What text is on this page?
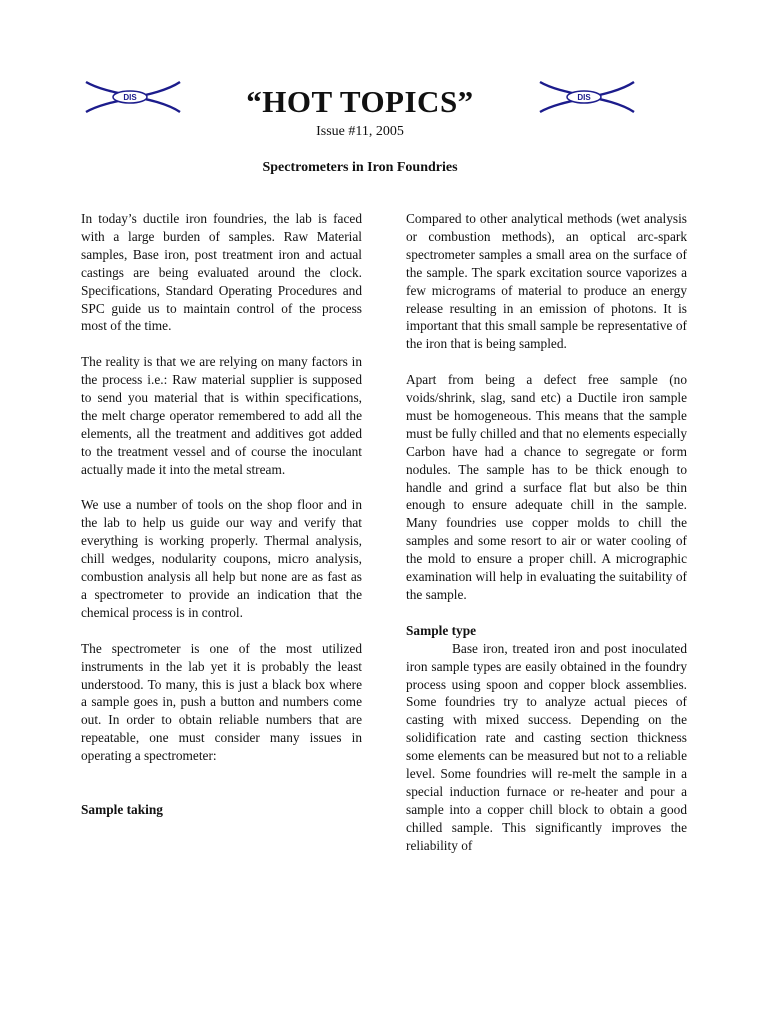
DIS	DIS
“HOT TOPICS”
Issue #11, 2005
Spectrometers in Iron Foundries

In today’s ductile iron foundries, the lab is faced with a large burden of samples. Raw Material samples, Base iron, post treatment iron and actual castings are being evaluated around the clock. Specifications, Standard Operating Procedures and SPC guide us to maintain control of the process most of the time.

The reality is that we are relying on many factors in the process i.e.: Raw material supplier is supposed to send you material that is within specifications, the melt charge operator remembered to add all the elements, all the treatment and additives got added to the treatment vessel and of course the inoculant actually made it into the metal stream.

We use a number of tools on the shop floor and in the lab to help us guide our way and verify that everything is working properly. Thermal analysis, chill wedges, nodularity coupons, micro analysis, combustion analysis all help but none are as fast as a spectrometer to provide an indication that the chemical process is in control.

The spectrometer is one of the most utilized instruments in the lab yet it is probably the least understood. To many, this is just a black box where a sample goes in, push a button and numbers come out. In order to obtain reliable numbers that are repeatable, one must consider many issues in operating a spectrometer:

Sample taking

Compared to other analytical methods (wet analysis or combustion methods), an optical arc-spark spectrometer samples a small area on the surface of the sample. The spark excitation source vaporizes a few micrograms of material to produce an energy release resulting in an emission of photons. It is important that this small sample be representative of the iron that is being sampled.

Apart from being a defect free sample (no voids/shrink, slag, sand etc) a Ductile iron sample must be homogeneous. This means that the sample must be fully chilled and that no elements especially Carbon have had a chance to segregate or form nodules. The sample has to be thick enough to handle and grind a surface flat but also be thin enough to ensure adequate chill in the sample. Many foundries use copper molds to chill the samples and some resort to air or water cooling of the mold to ensure a proper chill. A micrographic examination will help in evaluating the suitability of the sample.

Sample type

Base iron, treated iron and post inoculated iron sample types are easily obtained in the foundry process using spoon and copper block assemblies. Some foundries try to analyze actual pieces of casting with mixed success. Depending on the solidification rate and casting section thickness some elements can be measured but not to a reliable level. Some foundries will re-melt the sample in a special induction furnace or re-heater and pour a sample into a copper chill block to obtain a good chilled sample. This significantly improves the reliability of
